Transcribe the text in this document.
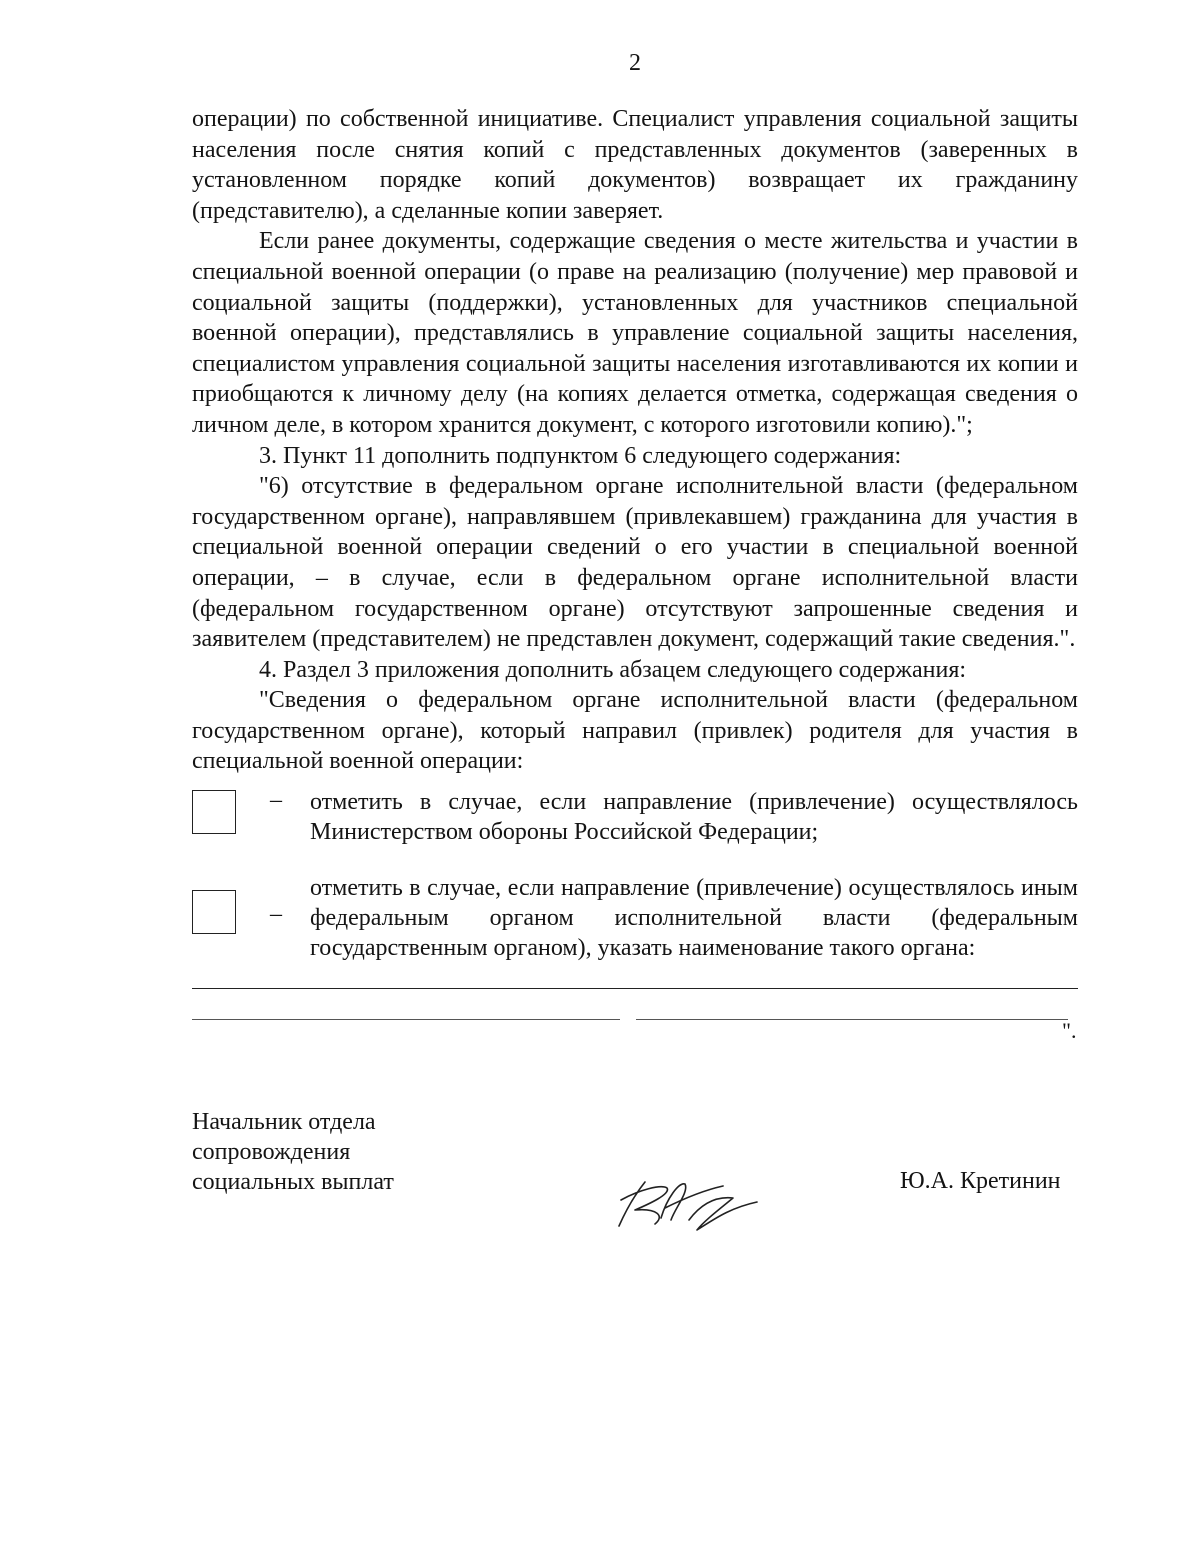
2

операции) по собственной инициативе. Специалист управления социальной защиты населения после снятия копий с представленных документов (заверенных в установленном порядке копий документов) возвращает их гражданину (представителю), а сделанные копии заверяет.

Если ранее документы, содержащие сведения о месте жительства и участии в специальной военной операции (о праве на реализацию (получение) мер правовой и социальной защиты (поддержки), установленных для участников специальной военной операции), представлялись в управление социальной защиты населения, специалистом управления социальной защиты населения изготавливаются их копии и приобщаются к личному делу (на копиях делается отметка, содержащая сведения о личном деле, в котором хранится документ, с которого изготовили копию).";

3. Пункт 11 дополнить подпунктом 6 следующего содержания:

"6) отсутствие в федеральном органе исполнительной власти (федеральном государственном органе), направлявшем (привлекавшем) гражданина для участия в специальной военной операции сведений о его участии в специальной военной операции, – в случае, если в федеральном органе исполнительной власти (федеральном государственном органе) отсутствуют запрошенные сведения и заявителем (представителем) не представлен документ, содержащий такие сведения.".

4. Раздел 3 приложения дополнить абзацем следующего содержания:

"Сведения о федеральном органе исполнительной власти (федеральном государственном органе), который направил (привлек) родителя для участия в специальной военной операции:

– отметить в случае, если направление (привлечение) осуществлялось Министерством обороны Российской Федерации;
–
отметить в случае, если направление (привлечение) осуществлялось иным федеральным органом исполнительной власти (федеральным государственным органом), указать наименование такого органа:
".
Начальник отдела
сопровождения
социальных выплат	Ю.А. Кретинин
